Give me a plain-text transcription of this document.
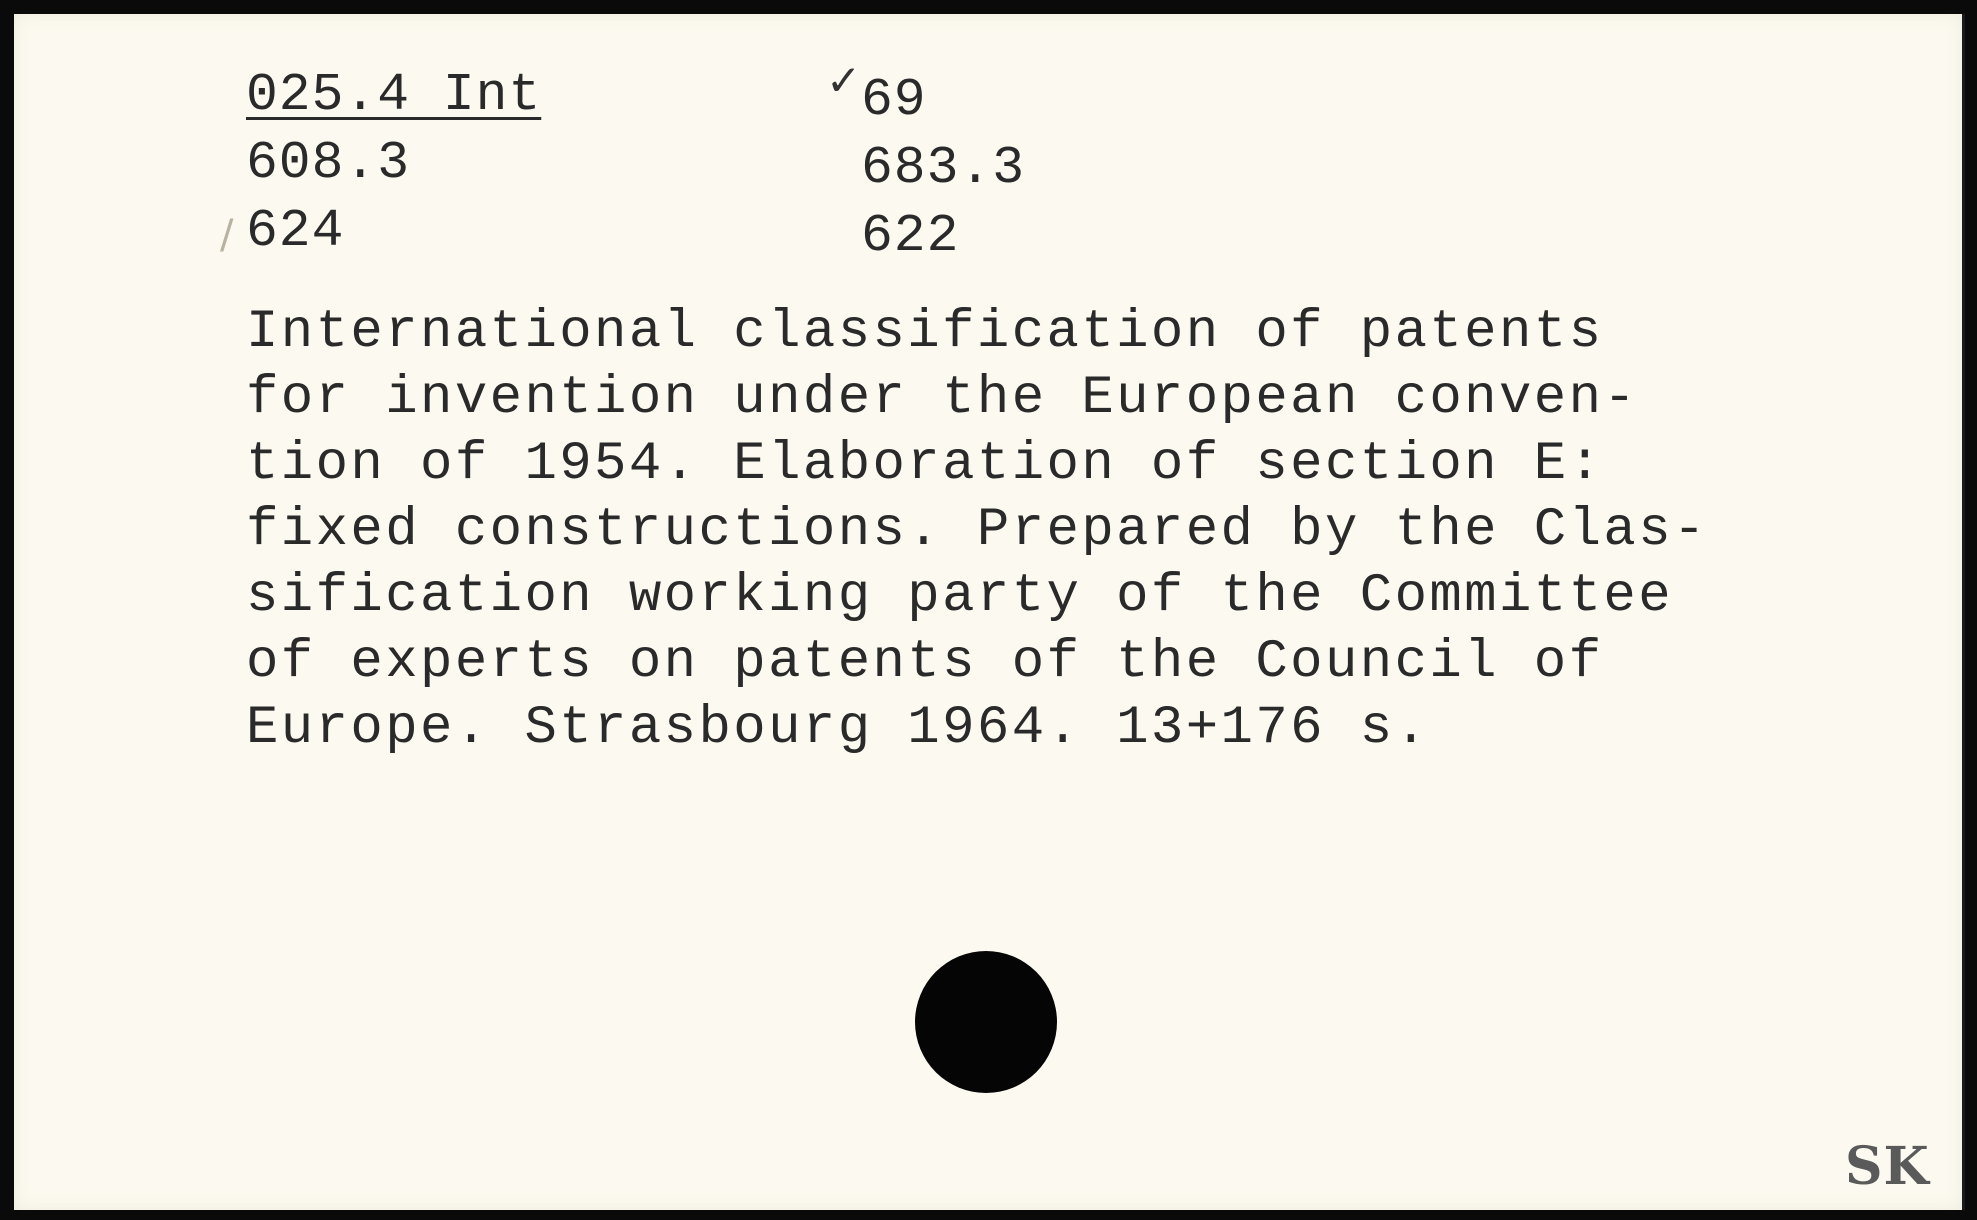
025.4 Int
608.3
624
/
✓ 69
683.3
622
International classification of patents
for invention under the European conven-
tion of 1954. Elaboration of section E:
fixed constructions. Prepared by the Clas-
sification working party of the Committee
of experts on patents of the Council of
Europe. Strasbourg 1964. 13+176 s.
SK
